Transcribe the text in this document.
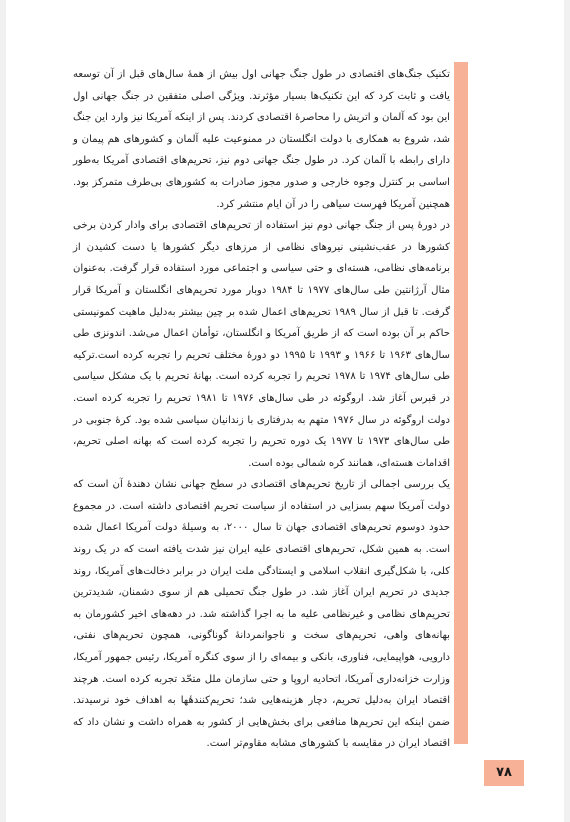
تکنیک جنگ‌های اقتصادی در طول جنگ جهانی اول بیش از همهٔ سال‌های قبل از آن توسعه یافت و ثابت کرد که این تکنیک‌ها بسیار مؤثرند. ویژگی اصلی متفقین در جنگ جهانی اول این بود که آلمان و اتریش را محاصرهٔ اقتصادی کردند. پس از اینکه آمریکا نیز وارد این جنگ شد، شروع به همکاری با دولت انگلستان در ممنوعیت علیه آلمان و کشورهای هم پیمان و دارای رابطه با آلمان کرد. در طول جنگ جهانی دوم نیز، تحریم‌های اقتصادی آمریکا به‌طور اساسی بر کنترل وجوه خارجی و صدور مجوز صادرات به کشورهای بی‌طرف متمرکز بود. همچنین آمریکا فهرست سیاهی را در آن ایام منتشر کرد.

در دورهٔ پس از جنگ جهانی دوم نیز استفاده از تحریم‌های اقتصادی برای وادار کردن برخی کشورها در عقب‌نشینی نیروهای نظامی از مرزهای دیگر کشورها یا دست کشیدن از برنامه‌های نظامی، هسته‌ای و حتی سیاسی و اجتماعی مورد استفاده قرار گرفت. به‌عنوان مثال آرژانتین طی سال‌های ۱۹۷۷ تا ۱۹۸۴ دوبار مورد تحریم‌های انگلستان و آمریکا قرار گرفت. تا قبل از سال ۱۹۸۹ تحریم‌های اعمال شده بر چین بیشتر به‌دلیل ماهیت کمونیستی حاکم بر آن بوده است که از طریق آمریکا و انگلستان، توأمان اعمال می‌شد. اندونزی طی سال‌های ۱۹۶۳ تا ۱۹۶۶ و ۱۹۹۳ تا ۱۹۹۵ دو دورهٔ مختلف تحریم را تجربه کرده است.ترکیه طی سال‌های ۱۹۷۴ تا ۱۹۷۸ تحریم را تجربه کرده است. بهانهٔ تحریم با یک مشکل سیاسی در قبرس آغاز شد. اروگوئه در طی سال‌های ۱۹۷۶ تا ۱۹۸۱ تحریم را تجربه کرده است. دولت اروگوئه در سال ۱۹۷۶ متهم به بدرفتاری با زندانیان سیاسی شده بود. کرهٔ جنوبی در طی سال‌های ۱۹۷۳ تا ۱۹۷۷ یک دوره تحریم را تجربه کرده است که بهانه اصلی تحریم، اقدامات هسته‌ای، همانند کره شمالی بوده است.

یک بررسی اجمالی از تاریخ تحریم‌های اقتصادی در سطح جهانی نشان دهندهٔ آن است که دولت آمریکا سهم بسزایی در استفاده از سیاست تحریم اقتصادی داشته است. در مجموع حدود دوسوم تحریم‌های اقتصادی جهان تا سال ۲۰۰۰، به وسیلهٔ دولت آمریکا اعمال شده است. به همین شکل، تحریم‌های اقتصادی علیه ایران نیز شدت یافته است که در یک روند کلی، با شکل‌گیری انقلاب اسلامی و ایستادگی ملت ایران در برابر دخالت‌های آمریکا، روند جدیدی در تحریم ایران آغاز شد. در طول جنگ تحمیلی هم از سوی دشمنان، شدیدترین تحریم‌های نظامی و غیرنظامی علیه ما به اجرا گذاشته شد. در دهه‌های اخیر کشورمان به بهانه‌های واهی، تحریم‌های سخت و ناجوانمردانهٔ گوناگونی، همچون تحریم‌های نفتی، دارویی، هواپیمایی، فناوری، بانکی و بیمه‌ای را از سوی کنگره آمریکا، رئیس جمهور آمریکا، وزارت خزانه‌داری آمریکا، اتحادیه اروپا و حتی سازمان ملل متحّد تجربه کرده است. هرچند اقتصاد ایران به‌دلیل تحریم، دچار هزینه‌هایی شد؛ تحریم‌کنندهٔها به اهداف خود نرسیدند. ضمن اینکه این تحریم‌ها منافعی برای بخش‌هایی از کشور به همراه داشت و نشان داد که اقتصاد ایران در مقایسه با کشورهای مشابه مقاوم‌تر است.

۷۸
